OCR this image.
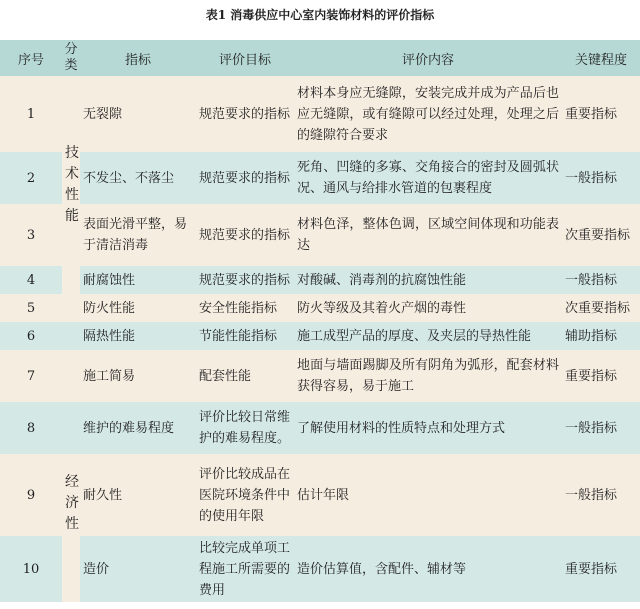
表1 消毒供应中心室内装饰材料的评价指标
序号	分类	指标	评价目标	评价内容	关键程度
1	技术性能	无裂隙	规范要求的指标	材料本身应无缝隙，安装完成并成为产品后也应无缝隙，或有缝隙可以经过处理，处理之后的缝隙符合要求	重要指标
2		不发尘、不落尘	规范要求的指标	死角、凹缝的多寡、交角接合的密封及圆弧状况、通风与给排水管道的包裹程度	一般指标
3		表面光滑平整，易于清洁消毒	规范要求的指标	材料色泽，整体色调，区域空间体现和功能表达	次重要指标
4		耐腐蚀性	规范要求的指标	对酸碱、消毒剂的抗腐蚀性能	一般指标
5		防火性能	安全性能指标	防火等级及其着火产烟的毒性	次重要指标
6		隔热性能	节能性能指标	施工成型产品的厚度、及夹层的导热性能	辅助指标
7		施工简易	配套性能	地面与墙面踢脚及所有阴角为弧形，配套材料获得容易，易于施工	重要指标
8		维护的难易程度	评价比较日常维护的难易程度。	了解使用材料的性质特点和处理方式	一般指标
9	经济性	耐久性	评价比较成品在医院环境条件中的使用年限	估计年限	一般指标
10		造价	比较完成单项工程施工所需要的费用	造价估算值，含配件、辅材等	重要指标
